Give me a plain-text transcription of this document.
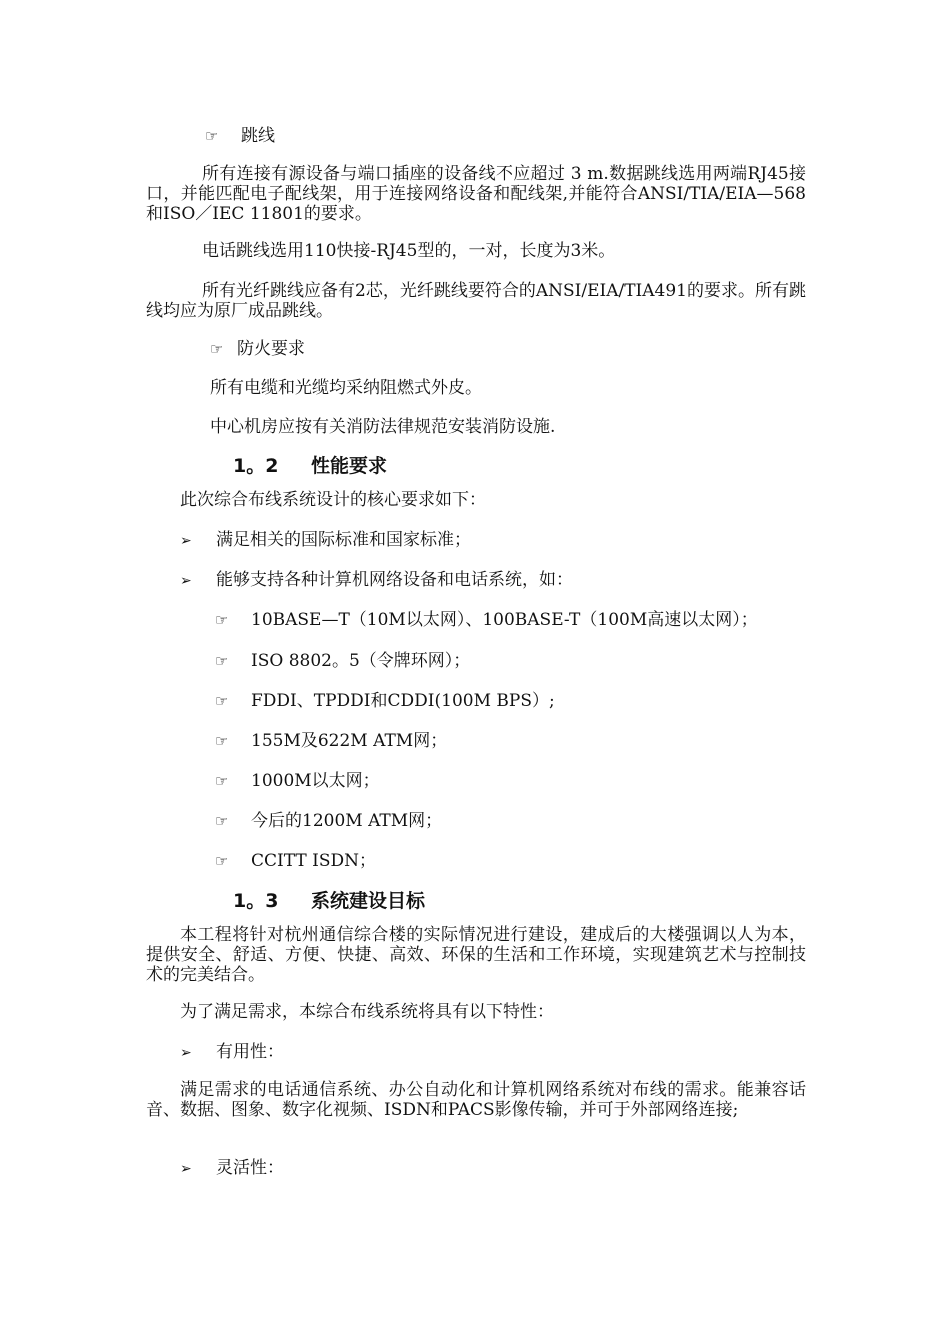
☞ 跳线
所有连接有源设备与端口插座的设备线不应超过 3 m.数据跳线选用两端RJ45接口，并能匹配电子配线架，用于连接网络设备和配线架,并能符合ANSI/TIA/EIA—568和ISO／IEC 11801的要求。
电话跳线选用110快接-RJ45型的，一对，长度为3米。
所有光纤跳线应备有2芯，光纤跳线要符合的ANSI/EIA/TIA491的要求。所有跳线均应为原厂成品跳线。
☞ 防火要求
所有电缆和光缆均采纳阻燃式外皮。
中心机房应按有关消防法律规范安装消防设施.
1。2 性能要求
此次综合布线系统设计的核心要求如下：
➢ 满足相关的国际标准和国家标准；
➢ 能够支持各种计算机网络设备和电话系统，如：
☞ 10BASE—T（10M以太网）、100BASE-T（100M高速以太网）；
☞ ISO 8802。5（令牌环网）；
☞ FDDI、TPDDI和CDDI(100M BPS）;
☞ 155M及622M ATM网；
☞ 1000M以太网；
☞ 今后的1200M ATM网；
☞ CCITT ISDN；
1。3 系统建设目标
本工程将针对杭州通信综合楼的实际情况进行建设，建成后的大楼强调以人为本，提供安全、舒适、方便、快捷、高效、环保的生活和工作环境，实现建筑艺术与控制技术的完美结合。
为了满足需求，本综合布线系统将具有以下特性：
➢ 有用性：
满足需求的电话通信系统、办公自动化和计算机网络系统对布线的需求。能兼容话音、数据、图象、数字化视频、ISDN和PACS影像传输，并可于外部网络连接;
➢ 灵活性：
